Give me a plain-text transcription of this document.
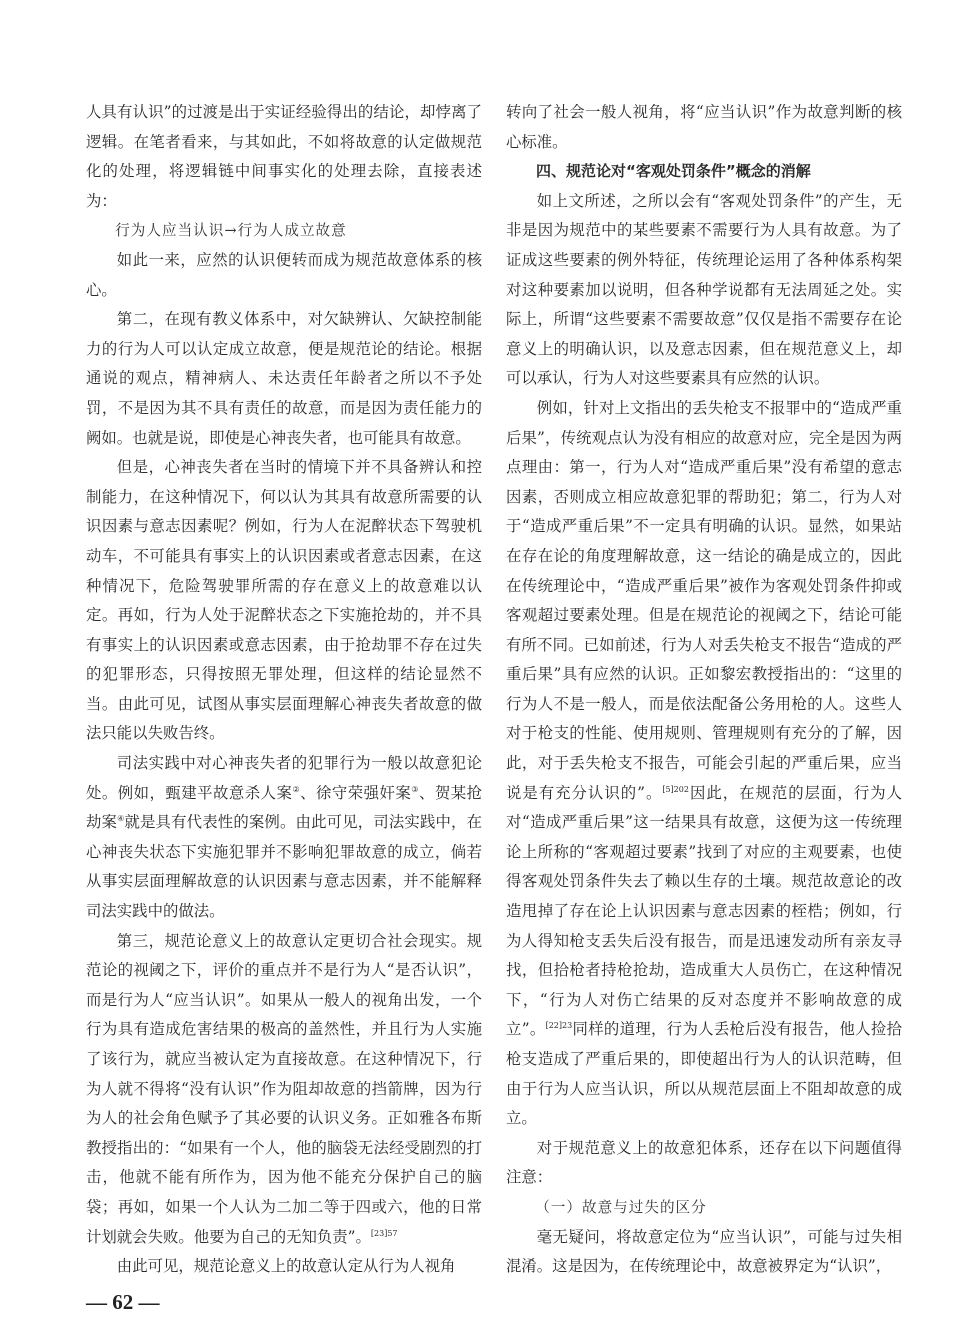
人具有认识”的过渡是出于实证经验得出的结论，却悖离了逻辑。在笔者看来，与其如此，不如将故意的认定做规范化的处理，将逻辑链中间事实化的处理去除，直接表述为：

行为人应当认识→行为人成立故意

如此一来，应然的认识便转而成为规范故意体系的核心。

第二，在现有教义体系中，对欠缺辨认、欠缺控制能力的行为人可以认定成立故意，便是规范论的结论。根据通说的观点，精神病人、未达责任年龄者之所以不予处罚，不是因为其不具有责任的故意，而是因为责任能力的阙如。也就是说，即使是心神丧失者，也可能具有故意。

但是，心神丧失者在当时的情境下并不具备辨认和控制能力，在这种情况下，何以认为其具有故意所需要的认识因素与意志因素呢？例如，行为人在泥醉状态下驾驶机动车，不可能具有事实上的认识因素或者意志因素，在这种情况下，危险驾驶罪所需的存在意义上的故意难以认定。再如，行为人处于泥醉状态之下实施抢劫的，并不具有事实上的认识因素或意志因素，由于抢劫罪不存在过失的犯罪形态，只得按照无罪处理，但这样的结论显然不当。由此可见，试图从事实层面理解心神丧失者故意的做法只能以失败告终。

司法实践中对心神丧失者的犯罪行为一般以故意犯论处。例如，甄建平故意杀人案②、徐守荣强奸案③、贺某抢劫案④就是具有代表性的案例。由此可见，司法实践中，在心神丧失状态下实施犯罪并不影响犯罪故意的成立，倘若从事实层面理解故意的认识因素与意志因素，并不能解释司法实践中的做法。

第三，规范论意义上的故意认定更切合社会现实。规范论的视阈之下，评价的重点并不是行为人“是否认识”，而是行为人“应当认识”。如果从一般人的视角出发，一个行为具有造成危害结果的极高的盖然性，并且行为人实施了该行为，就应当被认定为直接故意。在这种情况下，行为人就不得将“没有认识”作为阻却故意的挡箭牌，因为行为人的社会角色赋予了其必要的认识义务。正如雅各布斯教授指出的：“如果有一个人，他的脑袋无法经受剧烈的打击，他就不能有所作为，因为他不能充分保护自己的脑袋；再如，如果一个人认为二加二等于四或六，他的日常计划就会失败。他要为自己的无知负责”。$^{[23]57}$

由此可见，规范论意义上的故意认定从行为人视角

— 62 —

转向了社会一般人视角，将“应当认识”作为故意判断的核心标准。

四、规范论对“客观处罚条件”概念的消解

如上文所述，之所以会有“客观处罚条件”的产生，无非是因为规范中的某些要素不需要行为人具有故意。为了证成这些要素的例外特征，传统理论运用了各种体系构架对这种要素加以说明，但各种学说都有无法周延之处。实际上，所谓“这些要素不需要故意”仅仅是指不需要存在论意义上的明确认识，以及意志因素，但在规范意义上，却可以承认，行为人对这些要素具有应然的认识。

例如，针对上文指出的丢失枪支不报罪中的“造成严重后果”，传统观点认为没有相应的故意对应，完全是因为两点理由：第一，行为人对“造成严重后果”没有希望的意志因素，否则成立相应故意犯罪的帮助犯；第二，行为人对于“造成严重后果”不一定具有明确的认识。显然，如果站在存在论的角度理解故意，这一结论的确是成立的，因此在传统理论中，“造成严重后果”被作为客观处罚条件抑或客观超过要素处理。但是在规范论的视阈之下，结论可能有所不同。已如前述，行为人对丢失枪支不报告“造成的严重后果”具有应然的认识。正如黎宏教授指出的：“这里的行为人不是一般人，而是依法配备公务用枪的人。这些人对于枪支的性能、使用规则、管理规则有充分的了解，因此，对于丢失枪支不报告，可能会引起的严重后果，应当说是有充分认识的”。$^{[5]202}$因此，在规范的层面，行为人对“造成严重后果”这一结果具有故意，这便为这一传统理论上所称的“客观超过要素”找到了对应的主观要素，也使得客观处罚条件失去了赖以生存的土壤。规范故意论的改造甩掉了存在论上认识因素与意志因素的桎梏；例如，行为人得知枪支丢失后没有报告，而是迅速发动所有亲友寻找，但拾枪者持枪抢劫，造成重大人员伤亡，在这种情况下，“行为人对伤亡结果的反对态度并不影响故意的成立”。$^{[22]23}$同样的道理，行为人丢枪后没有报告，他人捡拾枪支造成了严重后果的，即使超出行为人的认识范畴，但由于行为人应当认识，所以从规范层面上不阻却故意的成立。

对于规范意义上的故意犯体系，还存在以下问题值得注意：

（一）故意与过失的区分

毫无疑问，将故意定位为“应当认识”，可能与过失相混淆。这是因为，在传统理论中，故意被界定为“认识”，
